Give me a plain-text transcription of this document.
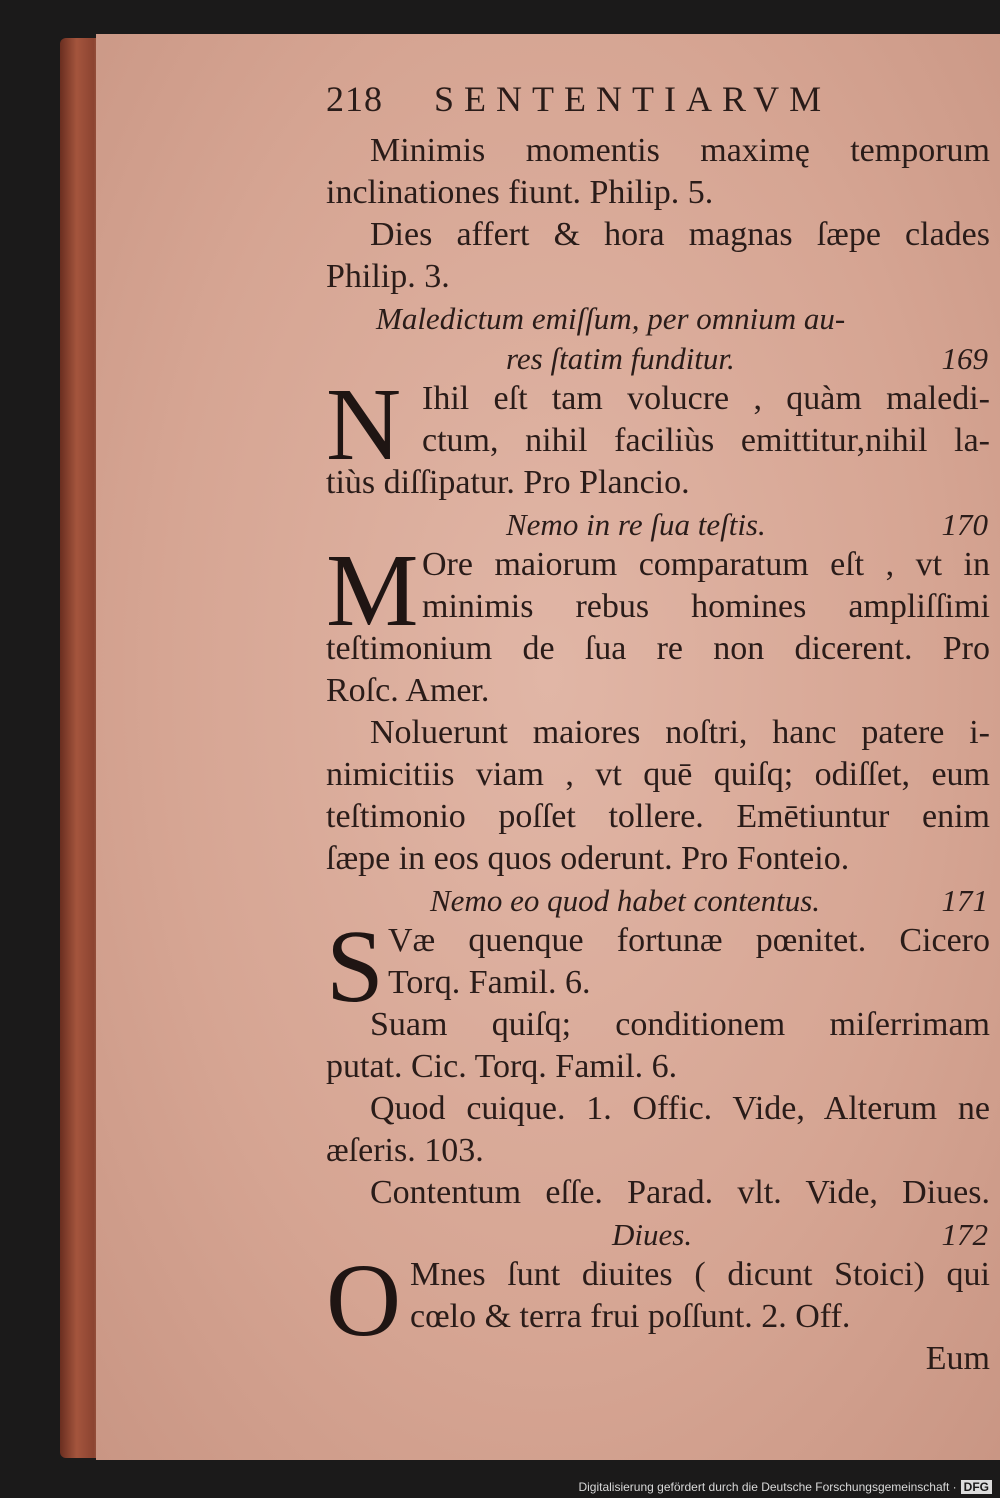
218 SENTENTIARVM
Minimis momentis maximę temporum
inclinationes fiunt. Philip. 5.
Dies affert & hora magnas ſæpe clades
Philip. 3.
Maledictum emiſſum, per omnium au-
res ſtatim funditur.	169
N Ihil eſt tam volucre , quàm maledi-
ctum, nihil faciliùs emittitur,nihil la-
tiùs diſſipatur. Pro Plancio.
Nemo in re ſua teſtis.	170
M Ore maiorum comparatum eſt , vt in
minimis rebus homines ampliſſimi
teſtimonium de ſua re non dicerent. Pro
Roſc. Amer.
Noluerunt maiores noſtri, hanc patere i-
nimicitiis viam , vt quē quiſq; odiſſet, eum
teſtimonio poſſet tollere. Emētiuntur enim
ſæpe in eos quos oderunt. Pro Fonteio.
Nemo eo quod habet contentus.	171
S Væ quenque fortunæ pœnitet. Cicero
Torq. Famil. 6.
Suam quiſq; conditionem miſerrimam
putat. Cic. Torq. Famil. 6.
Quod cuique. 1. Offic. Vide, Alterum ne
æſeris. 103.
Contentum eſſe. Parad. vlt. Vide, Diues.
Diues.	172
O Mnes ſunt diuites ( dicunt Stoici) qui
cœlo & terra frui poſſunt. 2. Off.
Eum
Digitalisierung gefördert durch die Deutsche Forschungsgemeinschaft · DFG
